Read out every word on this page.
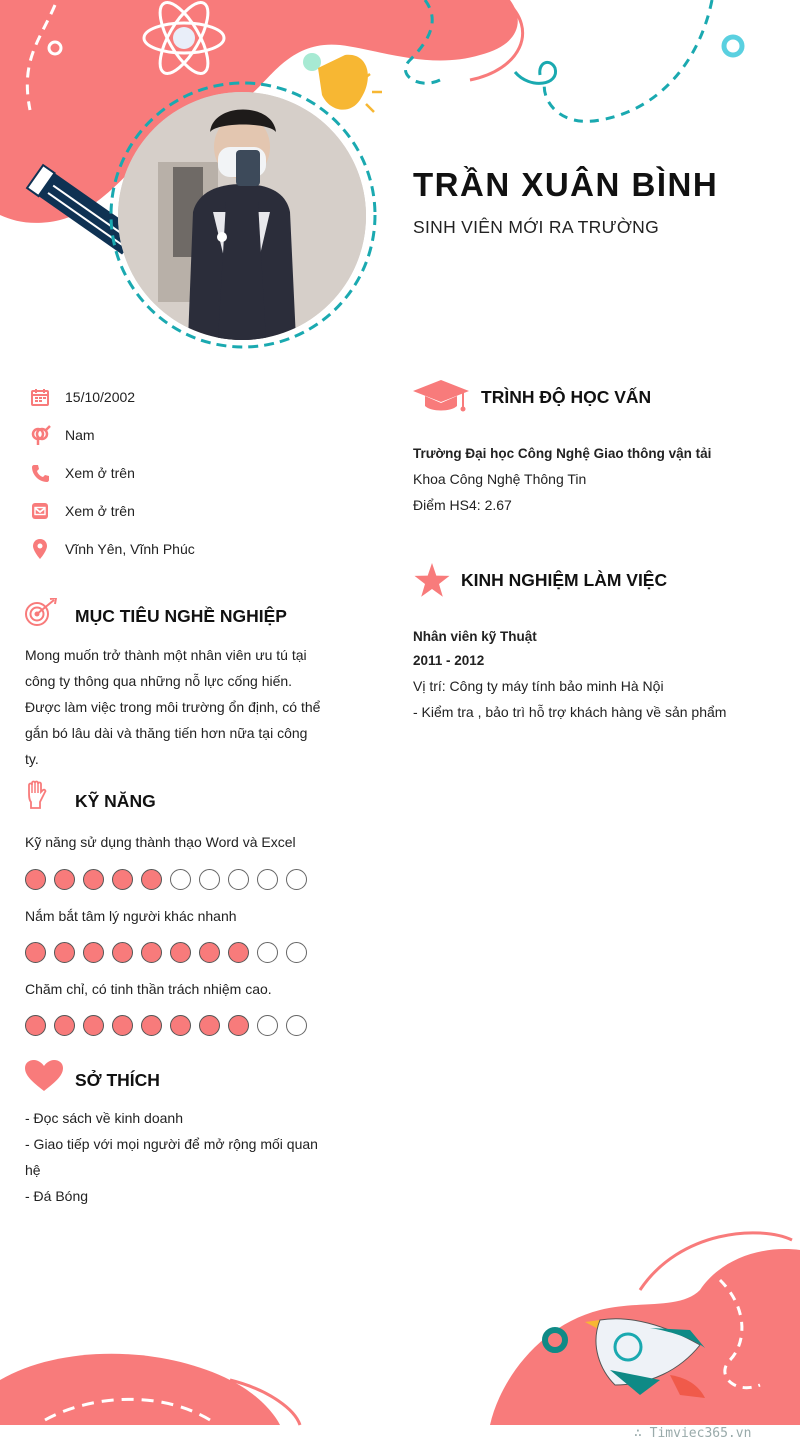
TRẦN XUÂN BÌNH
SINH VIÊN MỚI RA TRƯỜNG
15/10/2002
Nam
Xem ở trên
Xem ở trên
Vĩnh Yên, Vĩnh Phúc
MỤC TIÊU NGHỀ NGHIỆP
Mong muốn trở thành một nhân viên ưu tú tại
công ty thông qua những nỗ lực cống hiến.
Được làm việc trong môi trường ổn định, có thể
gắn bó lâu dài và thăng tiến hơn nữa tại công
ty.
KỸ NĂNG
Kỹ năng sử dụng thành thạo Word và Excel
Nắm bắt tâm lý người khác nhanh
Chăm chỉ, có tinh thần trách nhiệm cao.
SỞ THÍCH
- Đọc sách về kinh doanh
- Giao tiếp với mọi người để mở rộng mối quan
hệ
- Đá Bóng
TRÌNH ĐỘ HỌC VẤN
Trường Đại học Công Nghệ Giao thông vận tải
Khoa Công Nghệ Thông Tin
Điểm HS4: 2.67
KINH NGHIỆM LÀM VIỆC
Nhân viên kỹ Thuật
2011 - 2012
Vị trí: Công ty máy tính bảo minh Hà Nội
- Kiểm tra , bảo trì hỗ trợ khách hàng về sản phẩm
∴ Timviec365.vn
